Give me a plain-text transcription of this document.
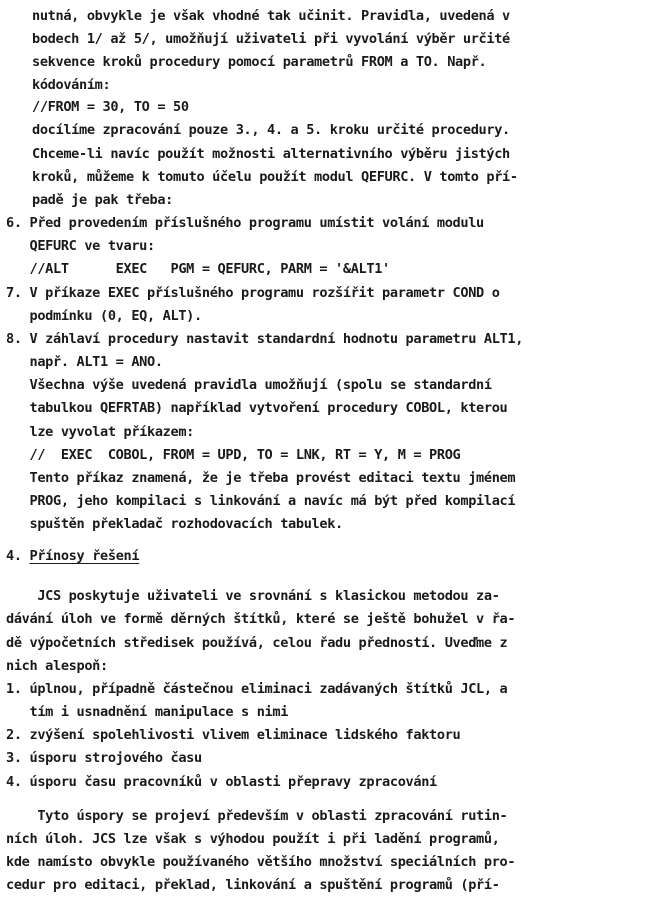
nutná, obvykle je však vhodné tak učinit. Pravidla, uvedená v
bodech 1/ až 5/, umožňují uživateli při vyvolání výběr určité
sekvence kroků procedury pomocí parametrů FROM a TO. Např.
kódováním:
//FROM = 30, TO = 50
docílíme zpracování pouze 3., 4. a 5. kroku určité procedury.
Chceme-li navíc použít možnosti alternativního výběru jistých
kroků, můžeme k tomuto účelu použít modul QEFURC. V tomto pří-
padě je pak třeba:
6. Před provedením příslušného programu umístit volání modulu
QEFURC ve tvaru:
//ALT      EXEC   PGM = QEFURC, PARM = '&ALT1'
7. V příkaze EXEC příslušného programu rozšířit parametr COND o
podmínku (0, EQ, ALT).
8. V záhlaví procedury nastavit standardní hodnotu parametru ALT1,
např. ALT1 = ANO.
Všechna výše uvedená pravidla umožňují (spolu se standardní
tabulkou QEFRTAB) například vytvoření procedury COBOL, kterou
lze vyvolat příkazem:
//  EXEC  COBOL, FROM = UPD, TO = LNK, RT = Y, M = PROG
Tento příkaz znamená, že je třeba provést editaci textu jménem
PROG, jeho kompilaci s linkování a navíc má být před kompilací
spuštěn překladač rozhodovacích tabulek.
4. Přínosy řešení
JCS poskytuje uživateli ve srovnání s klasickou metodou za-
dávání úloh ve formě děrných štítků, které se ještě bohužel v řa-
dě výpočetních středisek používá, celou řadu předností. Uveďme z
nich alespoň:
1. úplnou, případně částečnou eliminaci zadávaných štítků JCL, a
tím i usnadnění manipulace s nimi
2. zvýšení spolehlivosti vlivem eliminace lidského faktoru
3. úsporu strojového času
4. úsporu času pracovníků v oblasti přepravy zpracování
Tyto úspory se projeví především v oblasti zpracování rutin-
ních úloh. JCS lze však s výhodou použít i při ladění programů,
kde namísto obvykle používaného většího množství speciálních pro-
cedur pro editaci, překlad, linkování a spuštění programů (pří-
